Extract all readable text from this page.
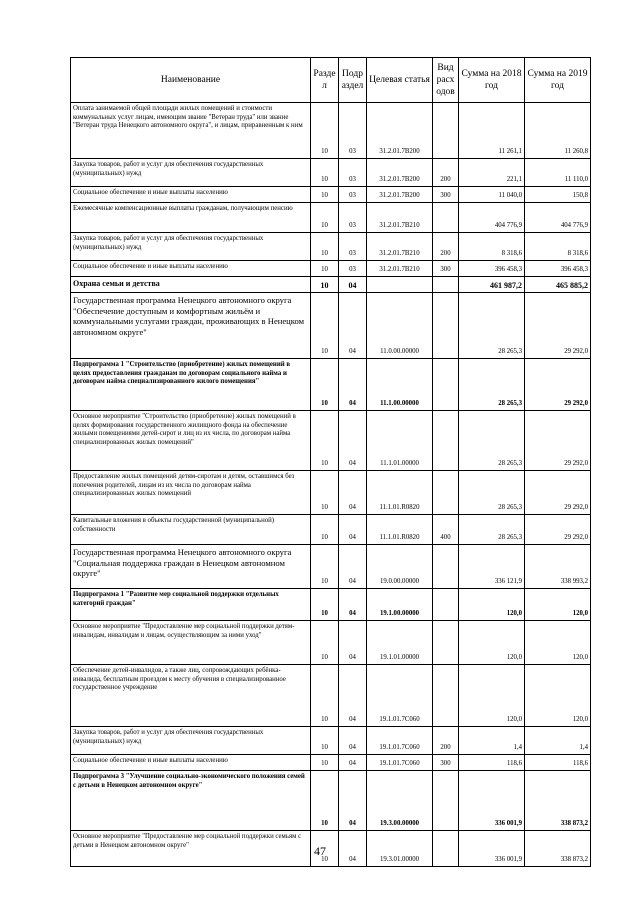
Наименование	Разде л	Подр аздел	Целевая статья	Вид расх одов	Сумма на 2018 год	Сумма на 2019 год
Оплата занимаемой общей площади жилых помещений и стоимости коммунальных услуг лицам, имеющим звание "Ветеран труда" или звание "Ветеран труда Ненецкого автономного округа", и лицам, приравненным к ним	10	03	31.2.01.7В200		11 261,1	11 260,8
Закупка товаров, работ и услуг для обеспечения государственных (муниципальных) нужд	10	03	31.2.01.7В200	200	221,1	11 110,0
Социальное обеспечение и иные выплаты населению	10	03	31.2.01.7В200	300	11 040,0	150,8
Ежемесячные компенсационные выплаты гражданам, получающим пенсию	10	03	31.2.01.7В210		404 776,9	404 776,9
Закупка товаров, работ и услуг для обеспечения государственных (муниципальных) нужд	10	03	31.2.01.7В210	200	8 318,6	8 318,6
Социальное обеспечение и иные выплаты населению	10	03	31.2.01.7В210	300	396 458,3	396 458,3
Охрана семьи и детства	10	04			461 987,2	465 885,2
Государственная программа Ненецкого автономного округа "Обеспечение доступным и комфортным жильём и коммунальными услугами граждан, проживающих в Ненецком автономном округе"	10	04	11.0.00.00000		28 265,3	29 292,0
Подпрограмма 1 "Строительство (приобретение) жилых помещений в целях предоставления гражданам по договорам социального найма и договорам найма специализированного жилого помещения"	10	04	11.1.00.00000		28 265,3	29 292,0
Основное мероприятие "Строительство (приобретение) жилых помещений в целях формирования государственного жилищного фонда на обеспечение жилыми помещениями детей-сирот и лиц из их числа, по договорам найма специализированных жилых помещений"	10	04	11.1.01.00000		28 265,3	29 292,0
Предоставление жилых помещений детям-сиротам и детям, оставшимся без попечения родителей, лицам из их числа по договорам найма специализированных жилых помещений	10	04	11.1.01.R0820		28 265,3	29 292,0
Капитальные вложения в объекты государственной (муниципальной) собственности	10	04	11.1.01.R0820	400	28 265,3	29 292,0
Государственная программа Ненецкого автономного округа "Социальная поддержка граждан в Ненецком автономном округе"	10	04	19.0.00.00000		336 121,9	338 993,2
Подпрограмма 1 "Развитие мер социальной поддержки отдельных категорий граждан"	10	04	19.1.00.00000		120,0	120,0
Основное мероприятие "Предоставление мер социальной поддержки детям-инвалидам, инвалидам и лицам, осуществляющим за ними уход"	10	04	19.1.01.00000		120,0	120,0
Обеспечение детей-инвалидов, а также лиц, сопровождающих ребёнка-инвалида, бесплатным проездом к месту обучения в специализированное государственное учреждение	10	04	19.1.01.7С060		120,0	120,0
Закупка товаров, работ и услуг для обеспечения государственных (муниципальных) нужд	10	04	19.1.01.7С060	200	1,4	1,4
Социальное обеспечение и иные выплаты населению	10	04	19.1.01.7С060	300	118,6	118,6
Подпрограмма 3 "Улучшение социально-экономического положения семей с детьми в Ненецком автономном округе"	10	04	19.3.00.00000		336 001,9	338 873,2
Основное мероприятие "Предоставление мер социальной поддержки семьям с детьми в Ненецком автономном округе"	10	04	19.3.01.00000		336 001,9	338 873,2
47
